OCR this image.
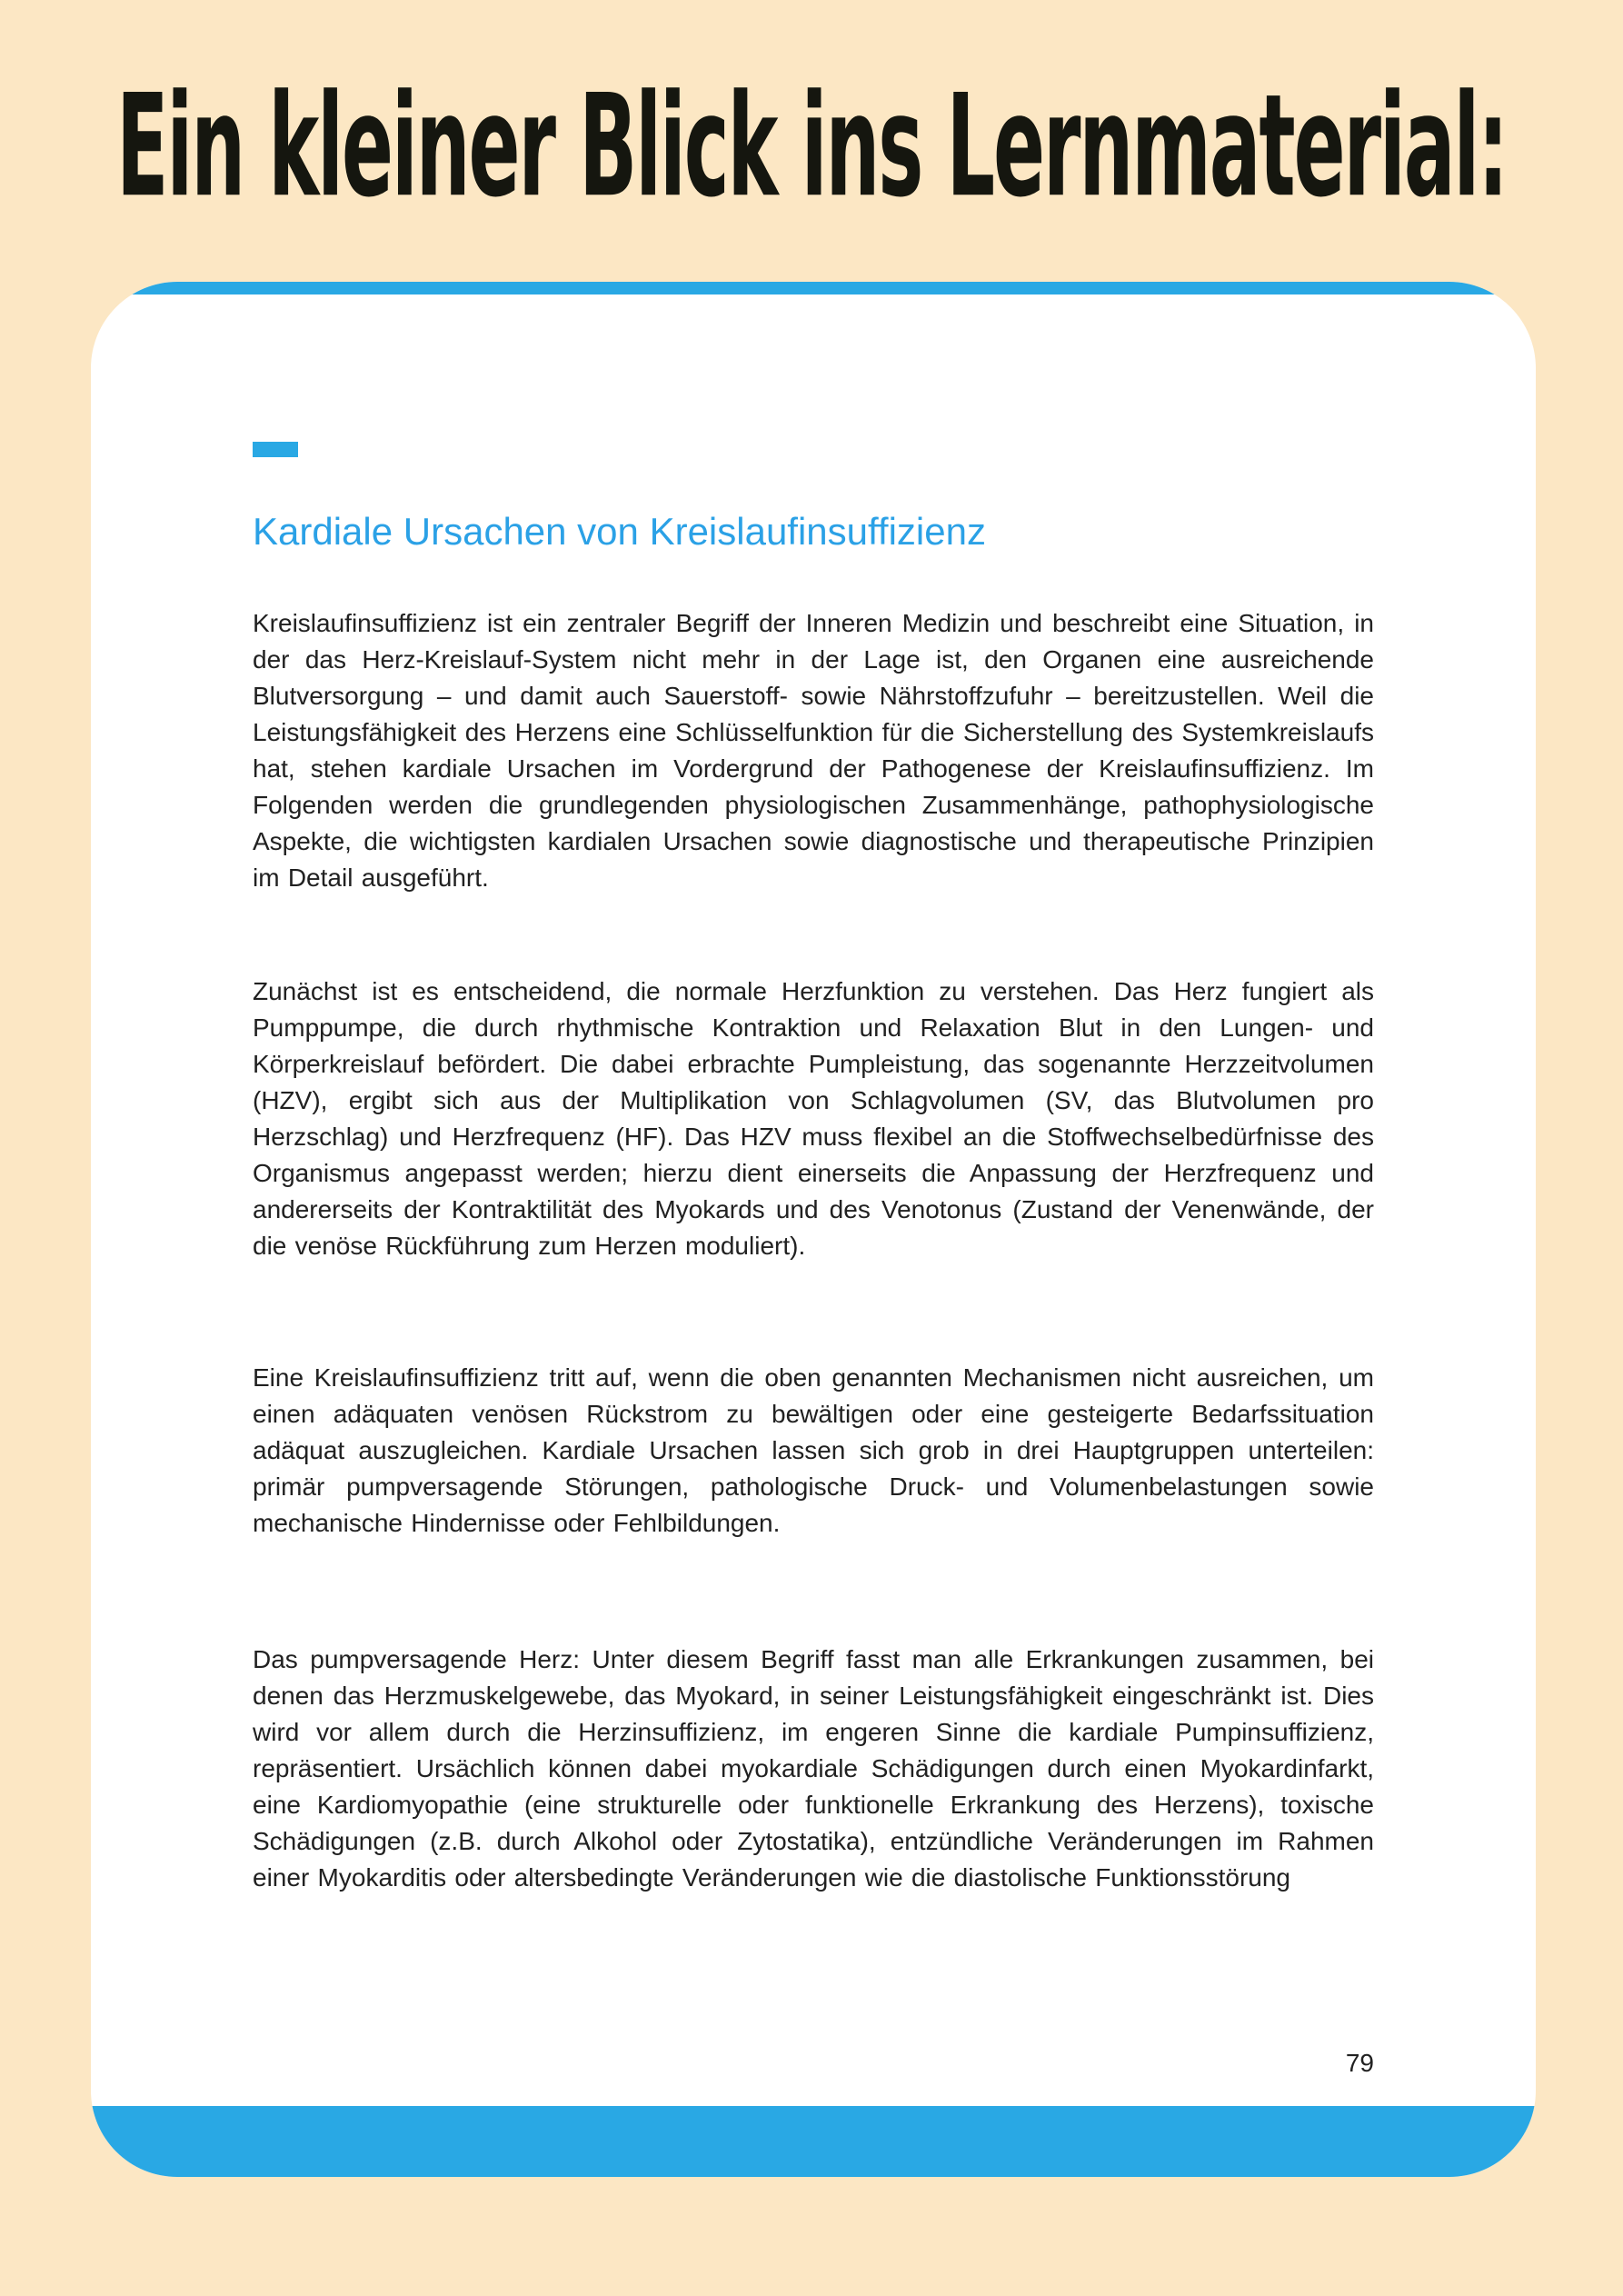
Ein kleiner Blick ins Lernmaterial:
Kardiale Ursachen von Kreislaufinsuffizienz

Kreislaufinsuffizienz ist ein zentraler Begriff der Inneren Medizin und beschreibt eine Situation, in der das Herz-Kreislauf-System nicht mehr in der Lage ist, den Organen eine ausreichende Blutversorgung – und damit auch Sauerstoff- sowie Nährstoffzufuhr – bereitzustellen. Weil die Leistungsfähigkeit des Herzens eine Schlüsselfunktion für die Sicherstellung des Systemkreislaufs hat, stehen kardiale Ursachen im Vordergrund der Pathogenese der Kreislaufinsuffizienz. Im Folgenden werden die grundlegenden physiologischen Zusammenhänge, pathophysiologische Aspekte, die wichtigsten kardialen Ursachen sowie diagnostische und therapeutische Prinzipien im Detail ausgeführt.

Zunächst ist es entscheidend, die normale Herzfunktion zu verstehen. Das Herz fungiert als Pumppumpe, die durch rhythmische Kontraktion und Relaxation Blut in den Lungen- und Körperkreislauf befördert. Die dabei erbrachte Pumpleistung, das sogenannte Herzzeitvolumen (HZV), ergibt sich aus der Multiplikation von Schlagvolumen (SV, das Blutvolumen pro Herzschlag) und Herzfrequenz (HF). Das HZV muss flexibel an die Stoffwechselbedürfnisse des Organismus angepasst werden; hierzu dient einerseits die Anpassung der Herzfrequenz und andererseits der Kontraktilität des Myokards und des Venotonus (Zustand der Venenwände, der die venöse Rückführung zum Herzen moduliert).

Eine Kreislaufinsuffizienz tritt auf, wenn die oben genannten Mechanismen nicht ausreichen, um einen adäquaten venösen Rückstrom zu bewältigen oder eine gesteigerte Bedarfssituation adäquat auszugleichen. Kardiale Ursachen lassen sich grob in drei Hauptgruppen unterteilen: primär pumpversagende Störungen, pathologische Druck- und Volumenbelastungen sowie mechanische Hindernisse oder Fehlbildungen.

Das pumpversagende Herz: Unter diesem Begriff fasst man alle Erkrankungen zusammen, bei denen das Herzmuskelgewebe, das Myokard, in seiner Leistungsfähigkeit eingeschränkt ist. Dies wird vor allem durch die Herzinsuffizienz, im engeren Sinne die kardiale Pumpinsuffizienz, repräsentiert. Ursächlich können dabei myokardiale Schädigungen durch einen Myokardinfarkt, eine Kardiomyopathie (eine strukturelle oder funktionelle Erkrankung des Herzens), toxische Schädigungen (z.B. durch Alkohol oder Zytostatika), entzündliche Veränderungen im Rahmen einer Myokarditis oder altersbedingte Veränderungen wie die diastolische Funktionsstörung

79
